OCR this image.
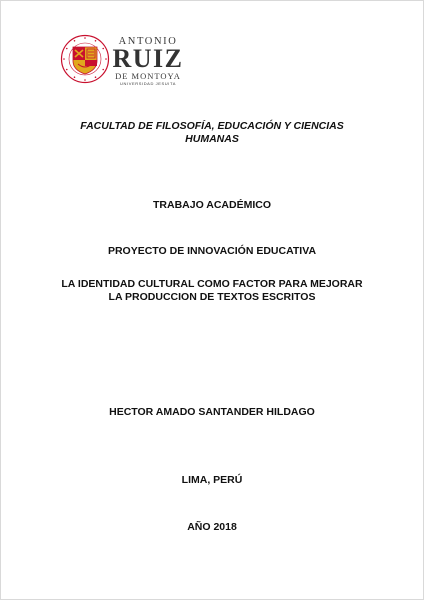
ANTONIO
RUIZ
DE MONTOYA
UNIVERSIDAD JESUITA

FACULTAD DE FILOSOFÍA, EDUCACIÓN Y CIENCIAS
HUMANAS

TRABAJO ACADÉMICO

PROYECTO DE INNOVACIÓN EDUCATIVA

LA IDENTIDAD CULTURAL COMO FACTOR PARA MEJORAR
LA PRODUCCION DE TEXTOS ESCRITOS

HECTOR AMADO SANTANDER HILDAGO

LIMA, PERÚ

AÑO 2018
